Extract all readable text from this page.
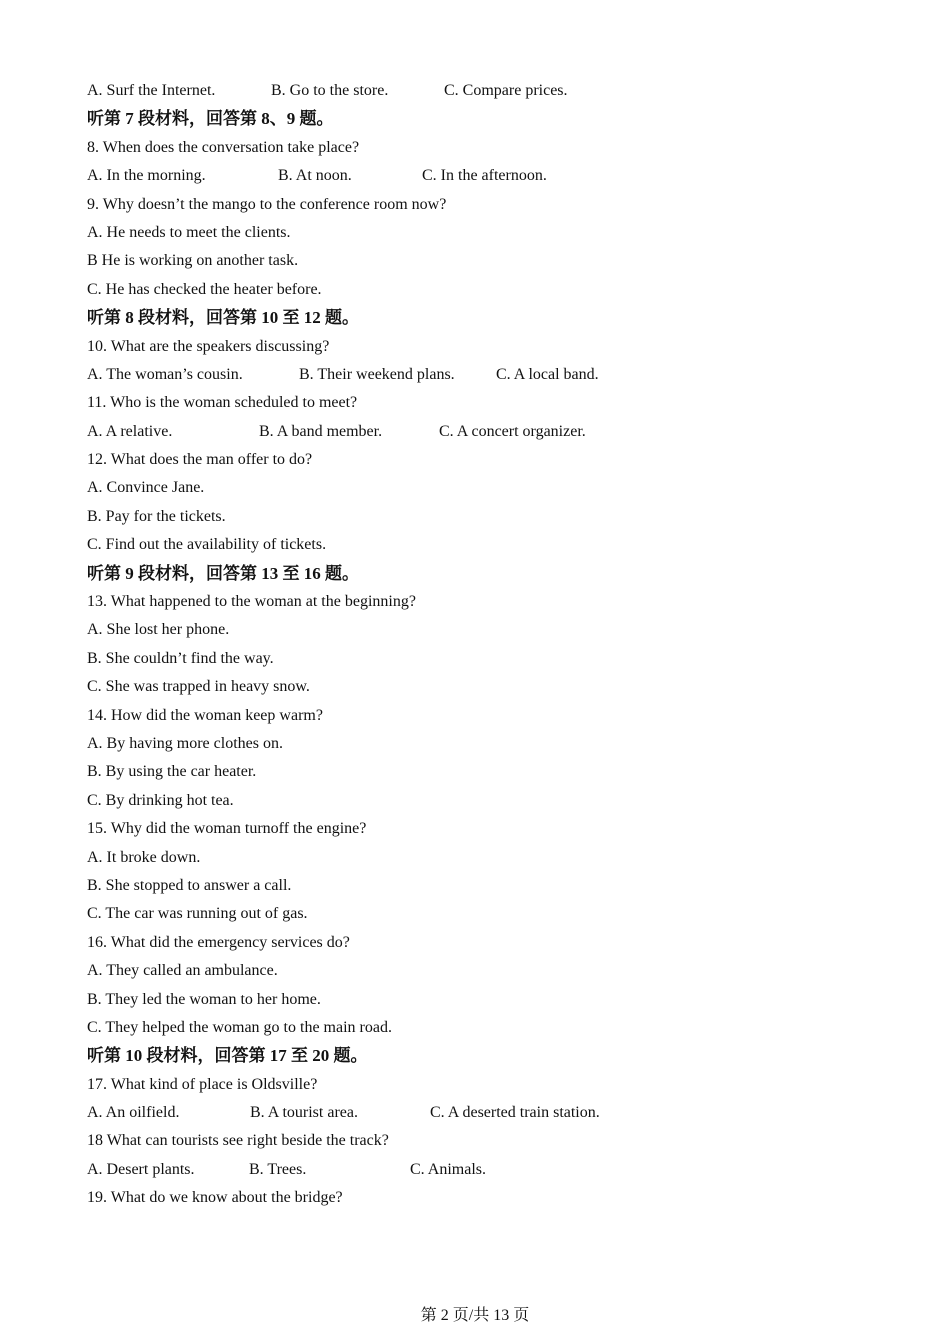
A. Surf the Internet.	B. Go to the store.	C. Compare prices.
听第 7 段材料，回答第 8、9 题。
8. When does the conversation take place?
A. In the morning.	B. At noon.	C. In the afternoon.
9. Why doesn’t the mango to the conference room now?
A. He needs to meet the clients.
B He is working on another task.
C. He has checked the heater before.
听第 8 段材料，回答第 10 至 12 题。
10. What are the speakers discussing?
A. The woman’s cousin.	B. Their weekend plans.	C. A local band.
11. Who is the woman scheduled to meet?
A. A relative.	B. A band member.	C. A concert organizer.
12. What does the man offer to do?
A. Convince Jane.
B. Pay for the tickets.
C. Find out the availability of tickets.
听第 9 段材料，回答第 13 至 16 题。
13. What happened to the woman at the beginning?
A. She lost her phone.
B. She couldn’t find the way.
C. She was trapped in heavy snow.
14. How did the woman keep warm?
A. By having more clothes on.
B. By using the car heater.
C. By drinking hot tea.
15. Why did the woman turnoff the engine?
A. It broke down.
B. She stopped to answer a call.
C. The car was running out of gas.
16. What did the emergency services do?
A. They called an ambulance.
B. They led the woman to her home.
C. They helped the woman go to the main road.
听第 10 段材料，回答第 17 至 20 题。
17. What kind of place is Oldsville?
A. An oilfield.	B. A tourist area.	C. A deserted train station.
18 What can tourists see right beside the track?
A. Desert plants.	B. Trees.	C. Animals.
19. What do we know about the bridge?
第 2 页/共 13 页
